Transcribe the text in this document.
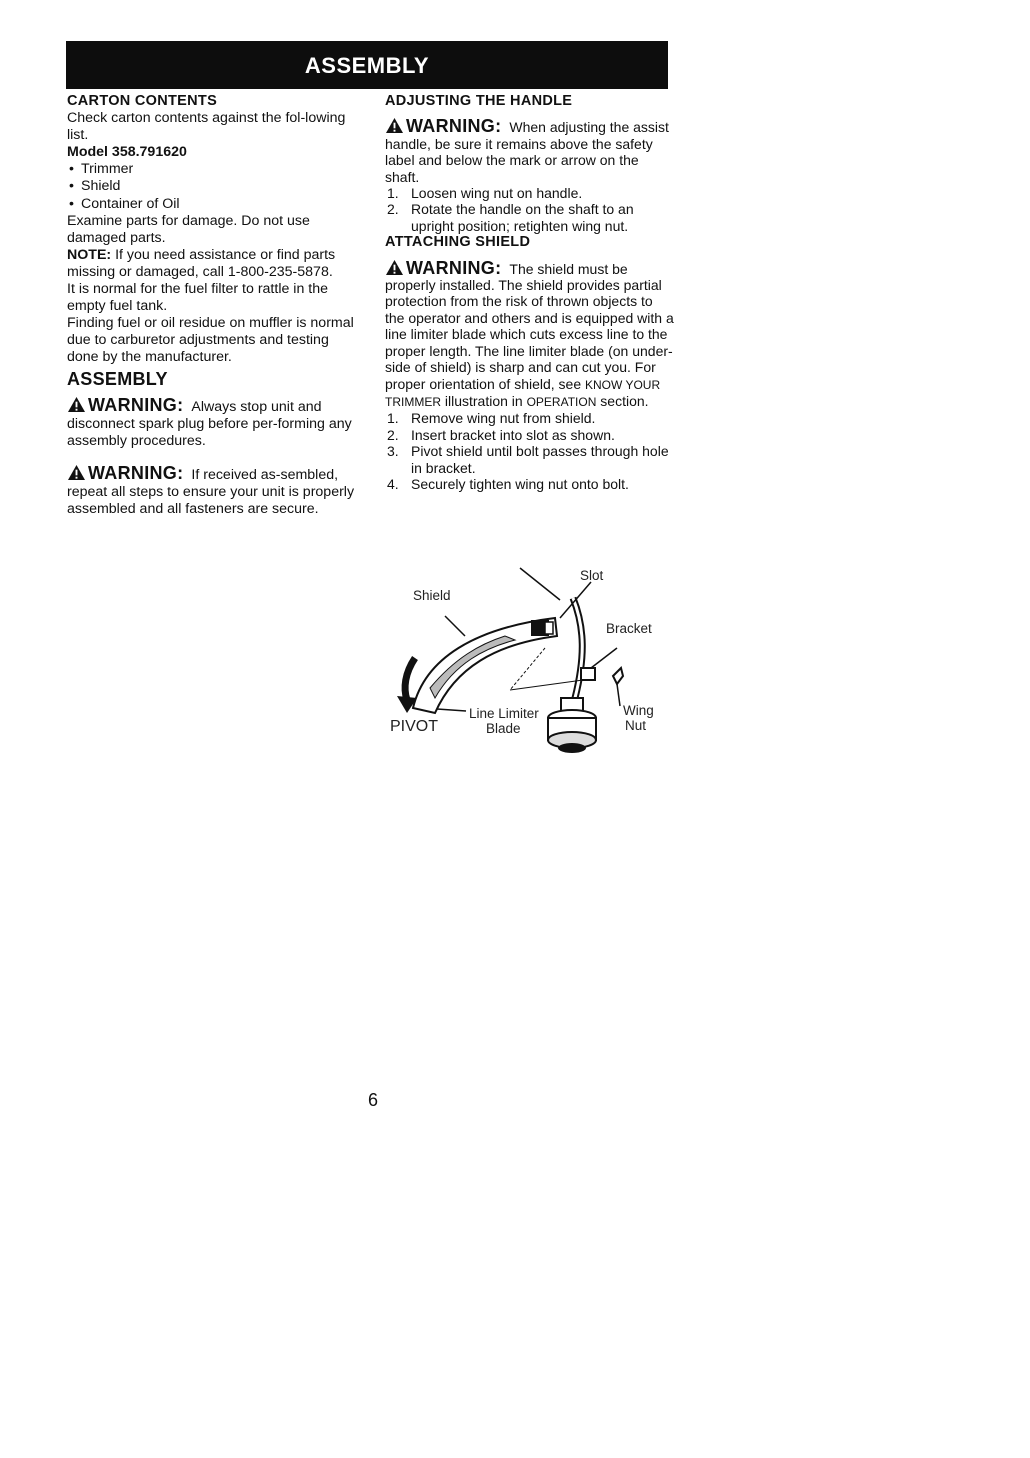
ASSEMBLY

CARTON CONTENTS

Check carton contents against the fol-lowing list.

Model 358.791620

• Trimmer
• Shield
• Container of Oil

Examine parts for damage. Do not use damaged parts.

NOTE: If you need assistance or find parts missing or damaged, call 1-800-235-5878.

It is normal for the fuel filter to rattle in the empty fuel tank.

Finding fuel or oil residue on muffler is normal due to carburetor adjustments and testing done by the manufacturer.

ASSEMBLY

WARNING: Always stop unit and disconnect spark plug before per-forming any assembly procedures.
WARNING: If received as-sembled, repeat all steps to ensure your unit is properly assembled and all fasteners are secure.

ADJUSTING THE HANDLE

WARNING: When adjusting the assist handle, be sure it remains above the safety label and below the mark or arrow on the shaft.
1. Loosen wing nut on handle.
2. Rotate the handle on the shaft to an upright position; retighten wing nut.

ATTACHING SHIELD

WARNING: The shield must be properly installed. The shield provides partial protection from the risk of thrown objects to the operator and others and is equipped with a line limiter blade which cuts excess line to the proper length. The line limiter blade (on under-side of shield) is sharp and can cut you. For proper orientation of shield, see KNOW YOUR TRIMMER illustration in OPERATION section.
1. Remove wing nut from shield.
2. Insert bracket into slot as shown.
3. Pivot shield until bolt passes through hole in bracket.
4. Securely tighten wing nut onto bolt.
Slot
Shield
Bracket
PIVOT
Line Limiter
Blade
Wing
Nut
6
